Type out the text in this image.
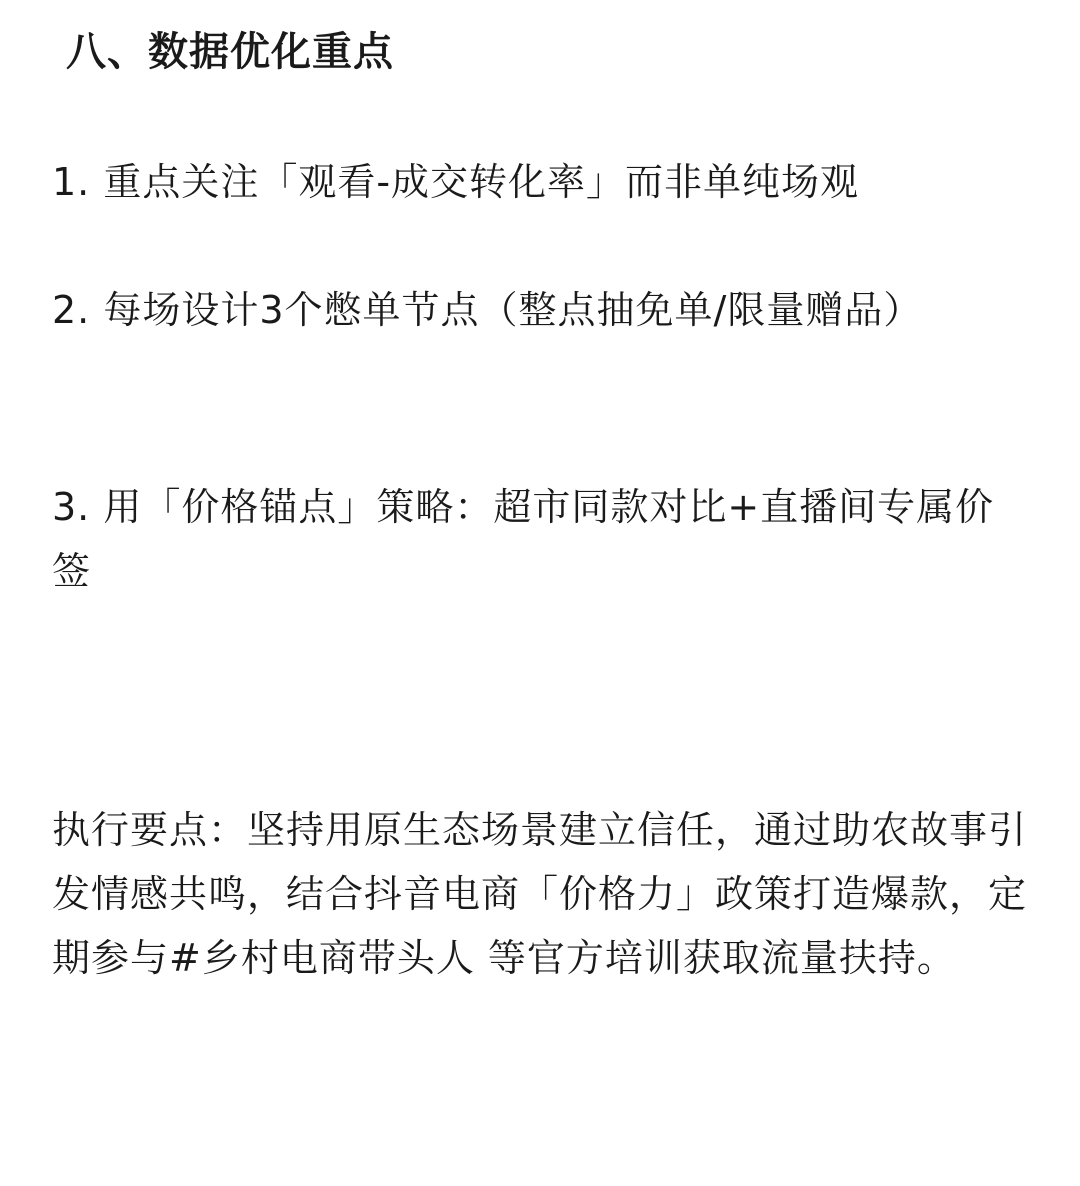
八、数据优化重点
1. 重点关注「观看-成交转化率」而非单纯场观
2. 每场设计3个憋单节点（整点抽免单/限量赠品）
3. 用「价格锚点」策略：超市同款对比+直播间专属价签
执行要点：坚持用原生态场景建立信任，通过助农故事引发情感共鸣，结合抖音电商「价格力」政策打造爆款，定期参与#乡村电商带头人 等官方培训获取流量扶持。
